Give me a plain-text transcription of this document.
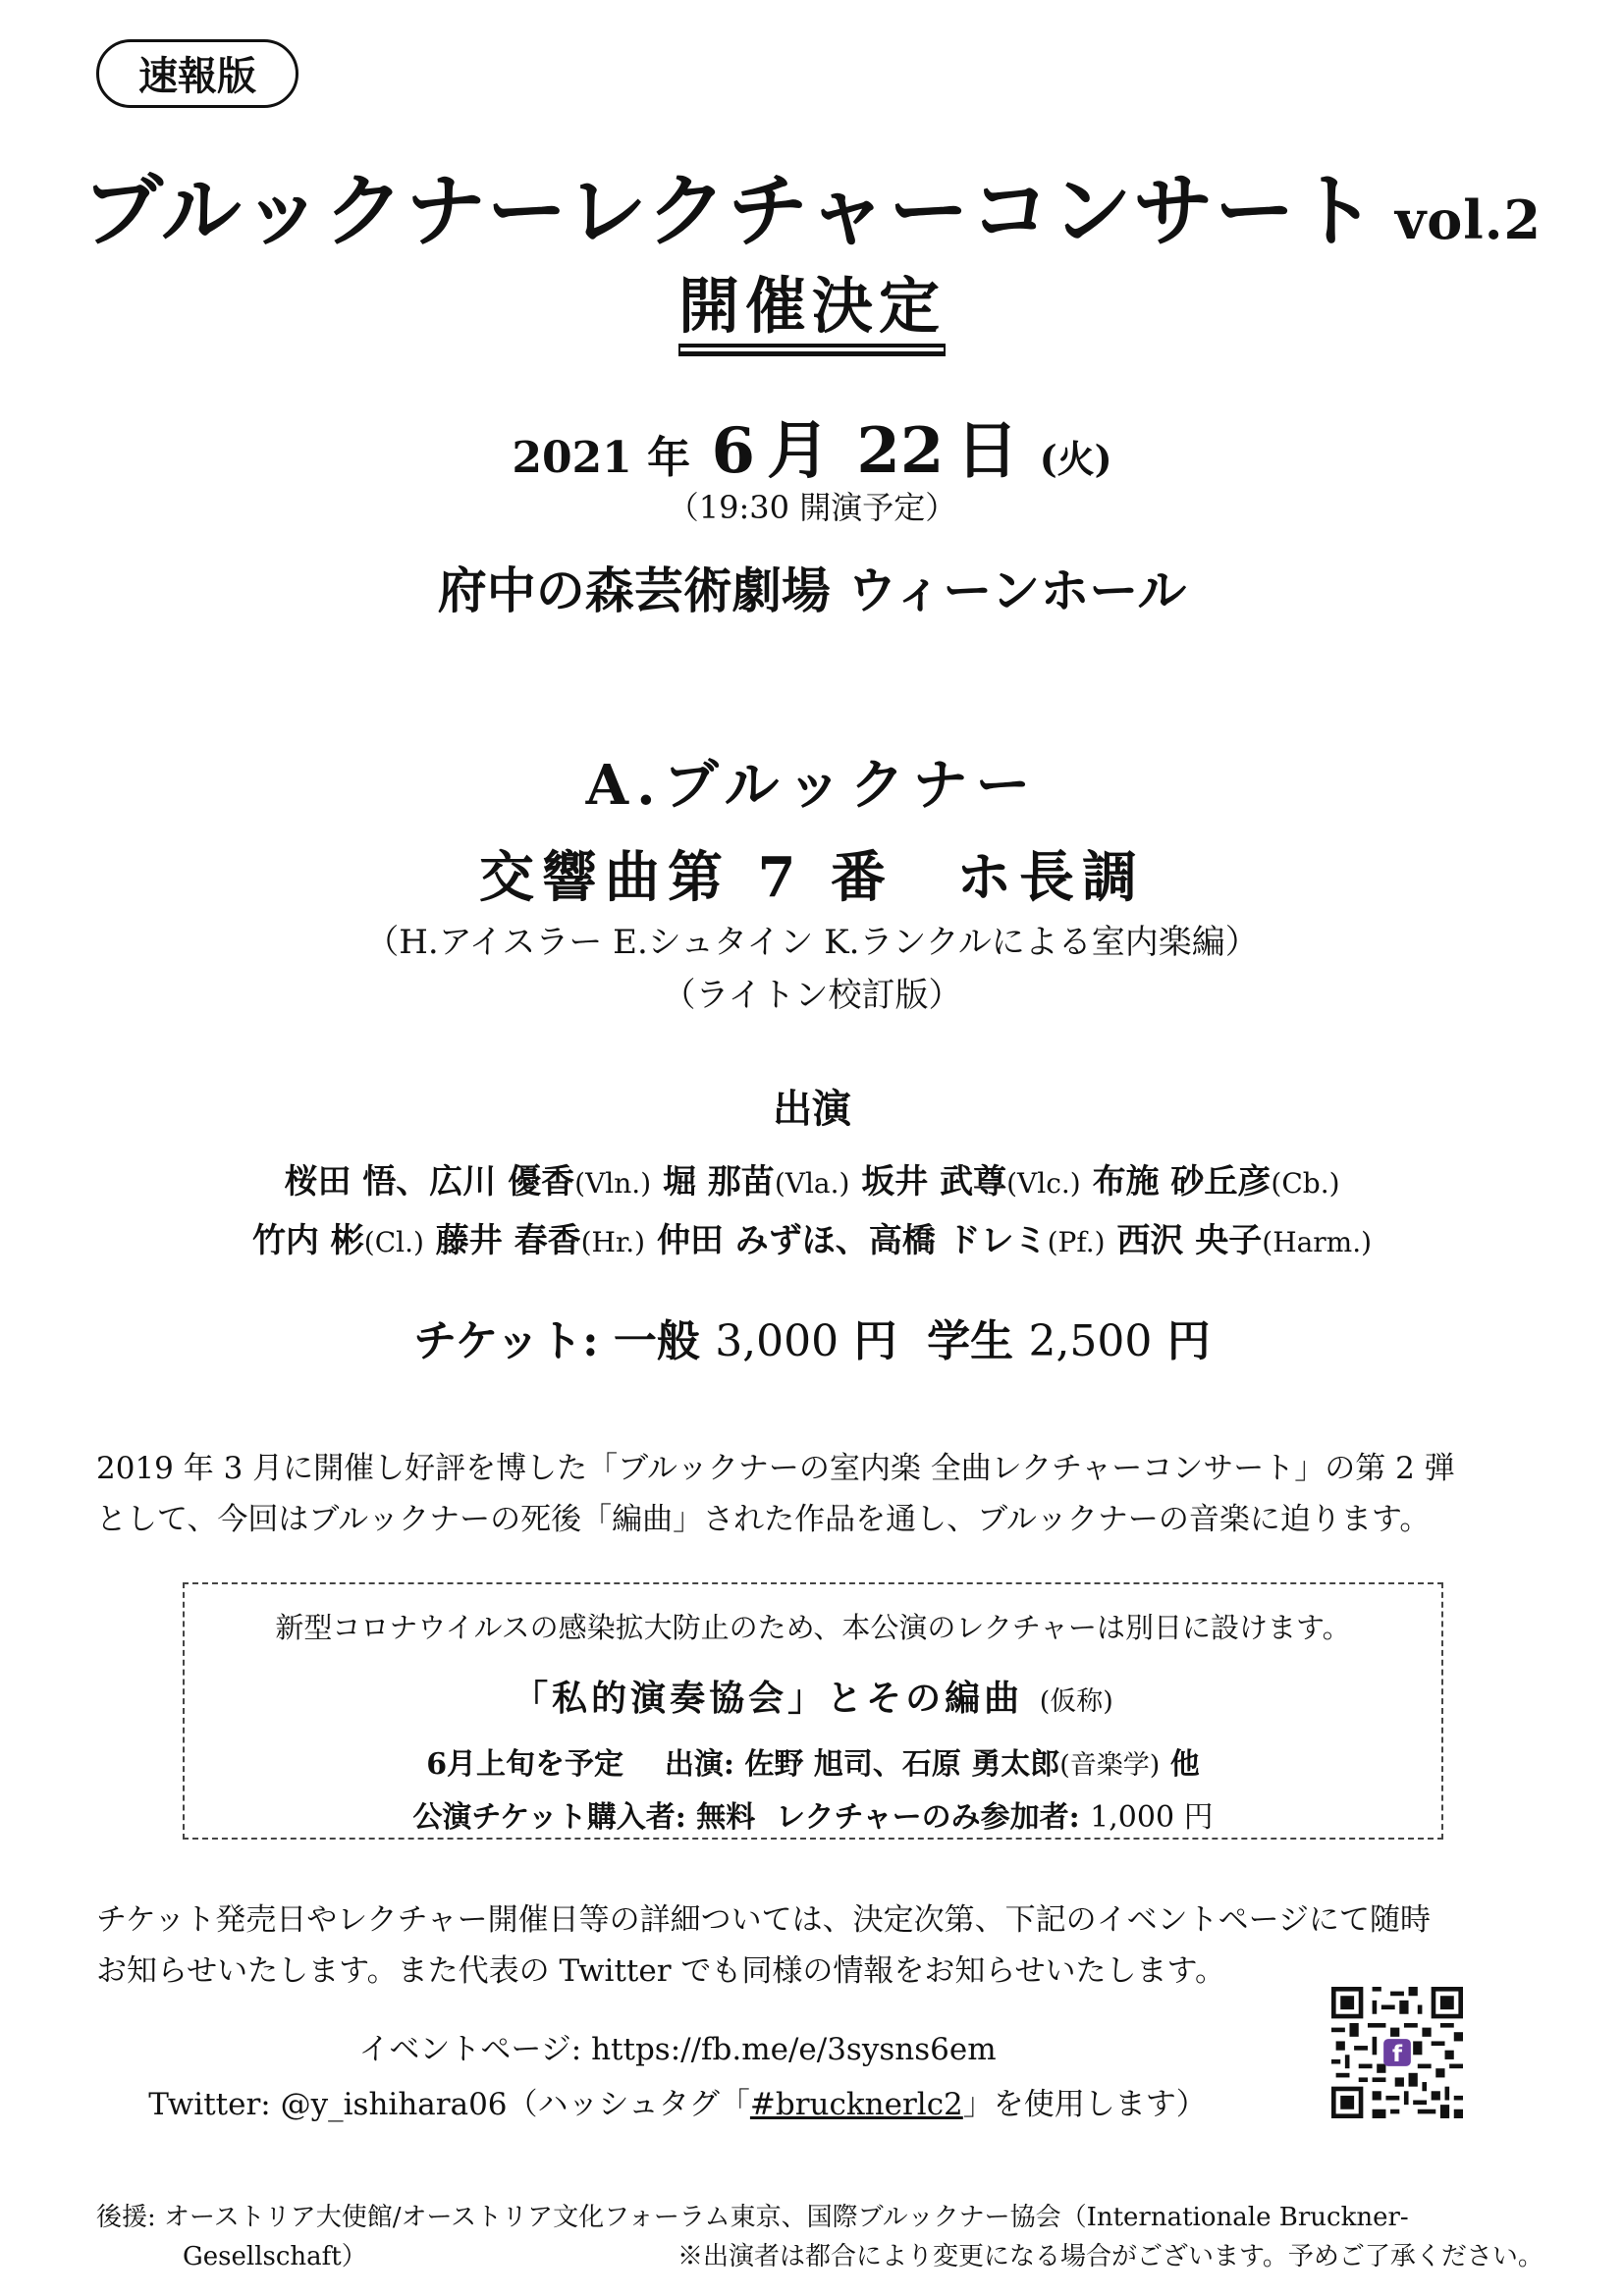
速報版
ブルックナーレクチャーコンサート vol.2
開催決定
2021 年 6 月 22 日 (火)
（19:30 開演予定）
府中の森芸術劇場 ウィーンホール
A.ブルックナー
交響曲第 7 番　ホ長調
（H.アイスラー E.シュタイン K.ランクルによる室内楽編）
（ライトン校訂版）
出演
桜田 悟、広川 優香(Vln.) 堀 那苗(Vla.) 坂井 武尊(Vlc.) 布施 砂丘彦(Cb.)
竹内 彬(Cl.) 藤井 春香(Hr.) 仲田 みずほ、高橋 ドレミ(Pf.) 西沢 央子(Harm.)
チケット: 一般 3,000 円 学生 2,500 円
2019 年 3 月に開催し好評を博した「ブルックナーの室内楽 全曲レクチャーコンサート」の第 2 弾
として、今回はブルックナーの死後「編曲」された作品を通し、ブルックナーの音楽に迫ります。
新型コロナウイルスの感染拡大防止のため、本公演のレクチャーは別日に設けます。
「私的演奏協会」とその編曲 (仮称)
6月上旬を予定 出演: 佐野 旭司、石原 勇太郎(音楽学) 他
公演チケット購入者: 無料 レクチャーのみ参加者: 1,000 円
チケット発売日やレクチャー開催日等の詳細ついては、決定次第、下記のイベントページにて随時
お知らせいたします。また代表の Twitter でも同様の情報をお知らせいたします。
イベントページ: https://fb.me/e/3sysns6em
Twitter: @y_ishihara06（ハッシュタグ「#brucknerlc2」を使用します）
f
後援: オーストリア大使館/オーストリア文化フォーラム東京、国際ブルックナー協会（Internationale Bruckner-
Gesellschaft）	※出演者は都合により変更になる場合がございます。予めご了承ください。
